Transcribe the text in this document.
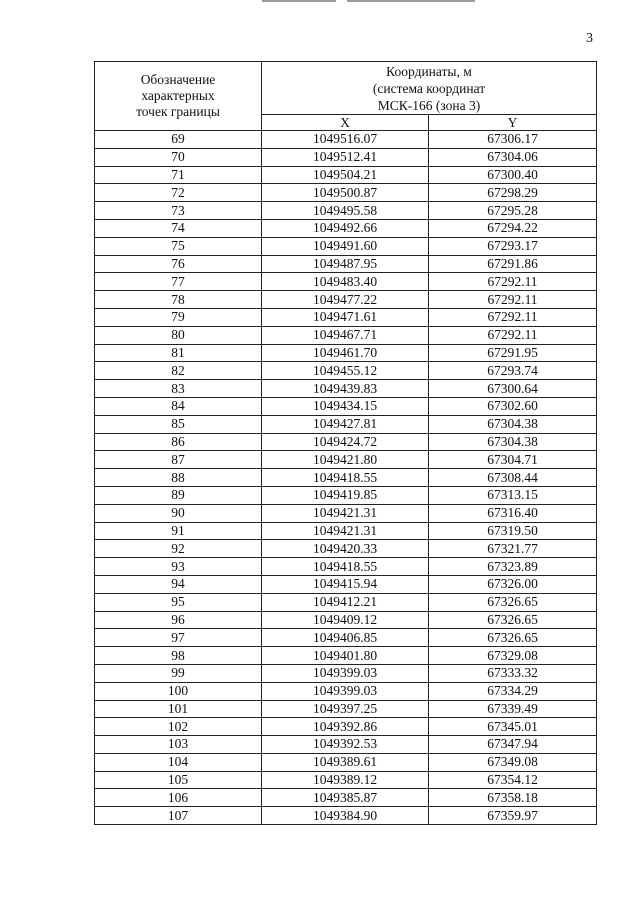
3
Обозначение
характерных
точек границы	Координаты, м
(система координат
МСК-166 (зона 3)	

	X	Y
69	1049516.07	67306.17
70	1049512.41	67304.06
71	1049504.21	67300.40
72	1049500.87	67298.29
73	1049495.58	67295.28
74	1049492.66	67294.22
75	1049491.60	67293.17
76	1049487.95	67291.86
77	1049483.40	67292.11
78	1049477.22	67292.11
79	1049471.61	67292.11
80	1049467.71	67292.11
81	1049461.70	67291.95
82	1049455.12	67293.74
83	1049439.83	67300.64
84	1049434.15	67302.60
85	1049427.81	67304.38
86	1049424.72	67304.38
87	1049421.80	67304.71
88	1049418.55	67308.44
89	1049419.85	67313.15
90	1049421.31	67316.40
91	1049421.31	67319.50
92	1049420.33	67321.77
93	1049418.55	67323.89
94	1049415.94	67326.00
95	1049412.21	67326.65
96	1049409.12	67326.65
97	1049406.85	67326.65
98	1049401.80	67329.08
99	1049399.03	67333.32
100	1049399.03	67334.29
101	1049397.25	67339.49
102	1049392.86	67345.01
103	1049392.53	67347.94
104	1049389.61	67349.08
105	1049389.12	67354.12
106	1049385.87	67358.18
107	1049384.90	67359.97
